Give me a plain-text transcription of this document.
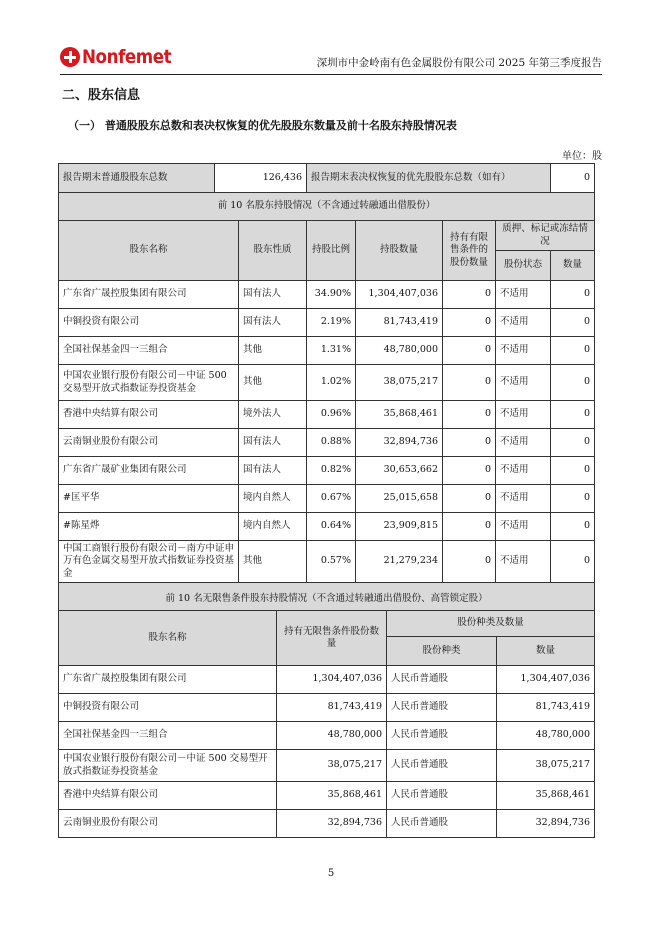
Nonfemet	深圳市中金岭南有色金属股份有限公司 2025 年第三季度报告
二、股东信息
（一） 普通股股东总数和表决权恢复的优先股股东数量及前十名股东持股情况表
单位：股
报告期末普通股股东总数 126,436		报告期末表决权恢复的优先股股东总数（如有）				0
前 10 名股东持股情况（不含通过转融通出借股份）						
股东名称	股东性质	持股比例	持股数量	持有有限售条件的股份数量	质押、标记或冻结情况	
					股份状态	数量
广东省广晟控股集团有限公司	国有法人	34.90%	1,304,407,036	0	不适用	0
中铜投资有限公司	国有法人	2.19%	81,743,419	0	不适用	0
全国社保基金四一三组合	其他	1.31%	48,780,000	0	不适用	0
中国农业银行股份有限公司－中证 500 交易型开放式指数证券投资基金	其他	1.02%	38,075,217	0	不适用	0
香港中央结算有限公司	境外法人	0.96%	35,868,461	0	不适用	0
云南铜业股份有限公司	国有法人	0.88%	32,894,736	0	不适用	0
广东省广晟矿业集团有限公司	国有法人	0.82%	30,653,662	0	不适用	0
#匡平华	境内自然人	0.67%	25,015,658	0	不适用	0
#陈星烨	境内自然人	0.64%	23,909,815	0	不适用	0
中国工商银行股份有限公司－南方中证申万有色金属交易型开放式指数证券投资基金	其他	0.57%	21,279,234	0	不适用	0
前 10 名无限售条件股东持股情况（不含通过转融通出借股份、高管锁定股）						
股东名称	持有无限售条件股份数量	股份种类及数量	
		股份种类	数量
广东省广晟控股集团有限公司	1,304,407,036	人民币普通股	1,304,407,036
中铜投资有限公司	81,743,419	人民币普通股	81,743,419
全国社保基金四一三组合	48,780,000	人民币普通股	48,780,000
中国农业银行股份有限公司－中证 500 交易型开放式指数证券投资基金	38,075,217	人民币普通股	38,075,217
香港中央结算有限公司	35,868,461	人民币普通股	35,868,461
云南铜业股份有限公司	32,894,736	人民币普通股	32,894,736
5
